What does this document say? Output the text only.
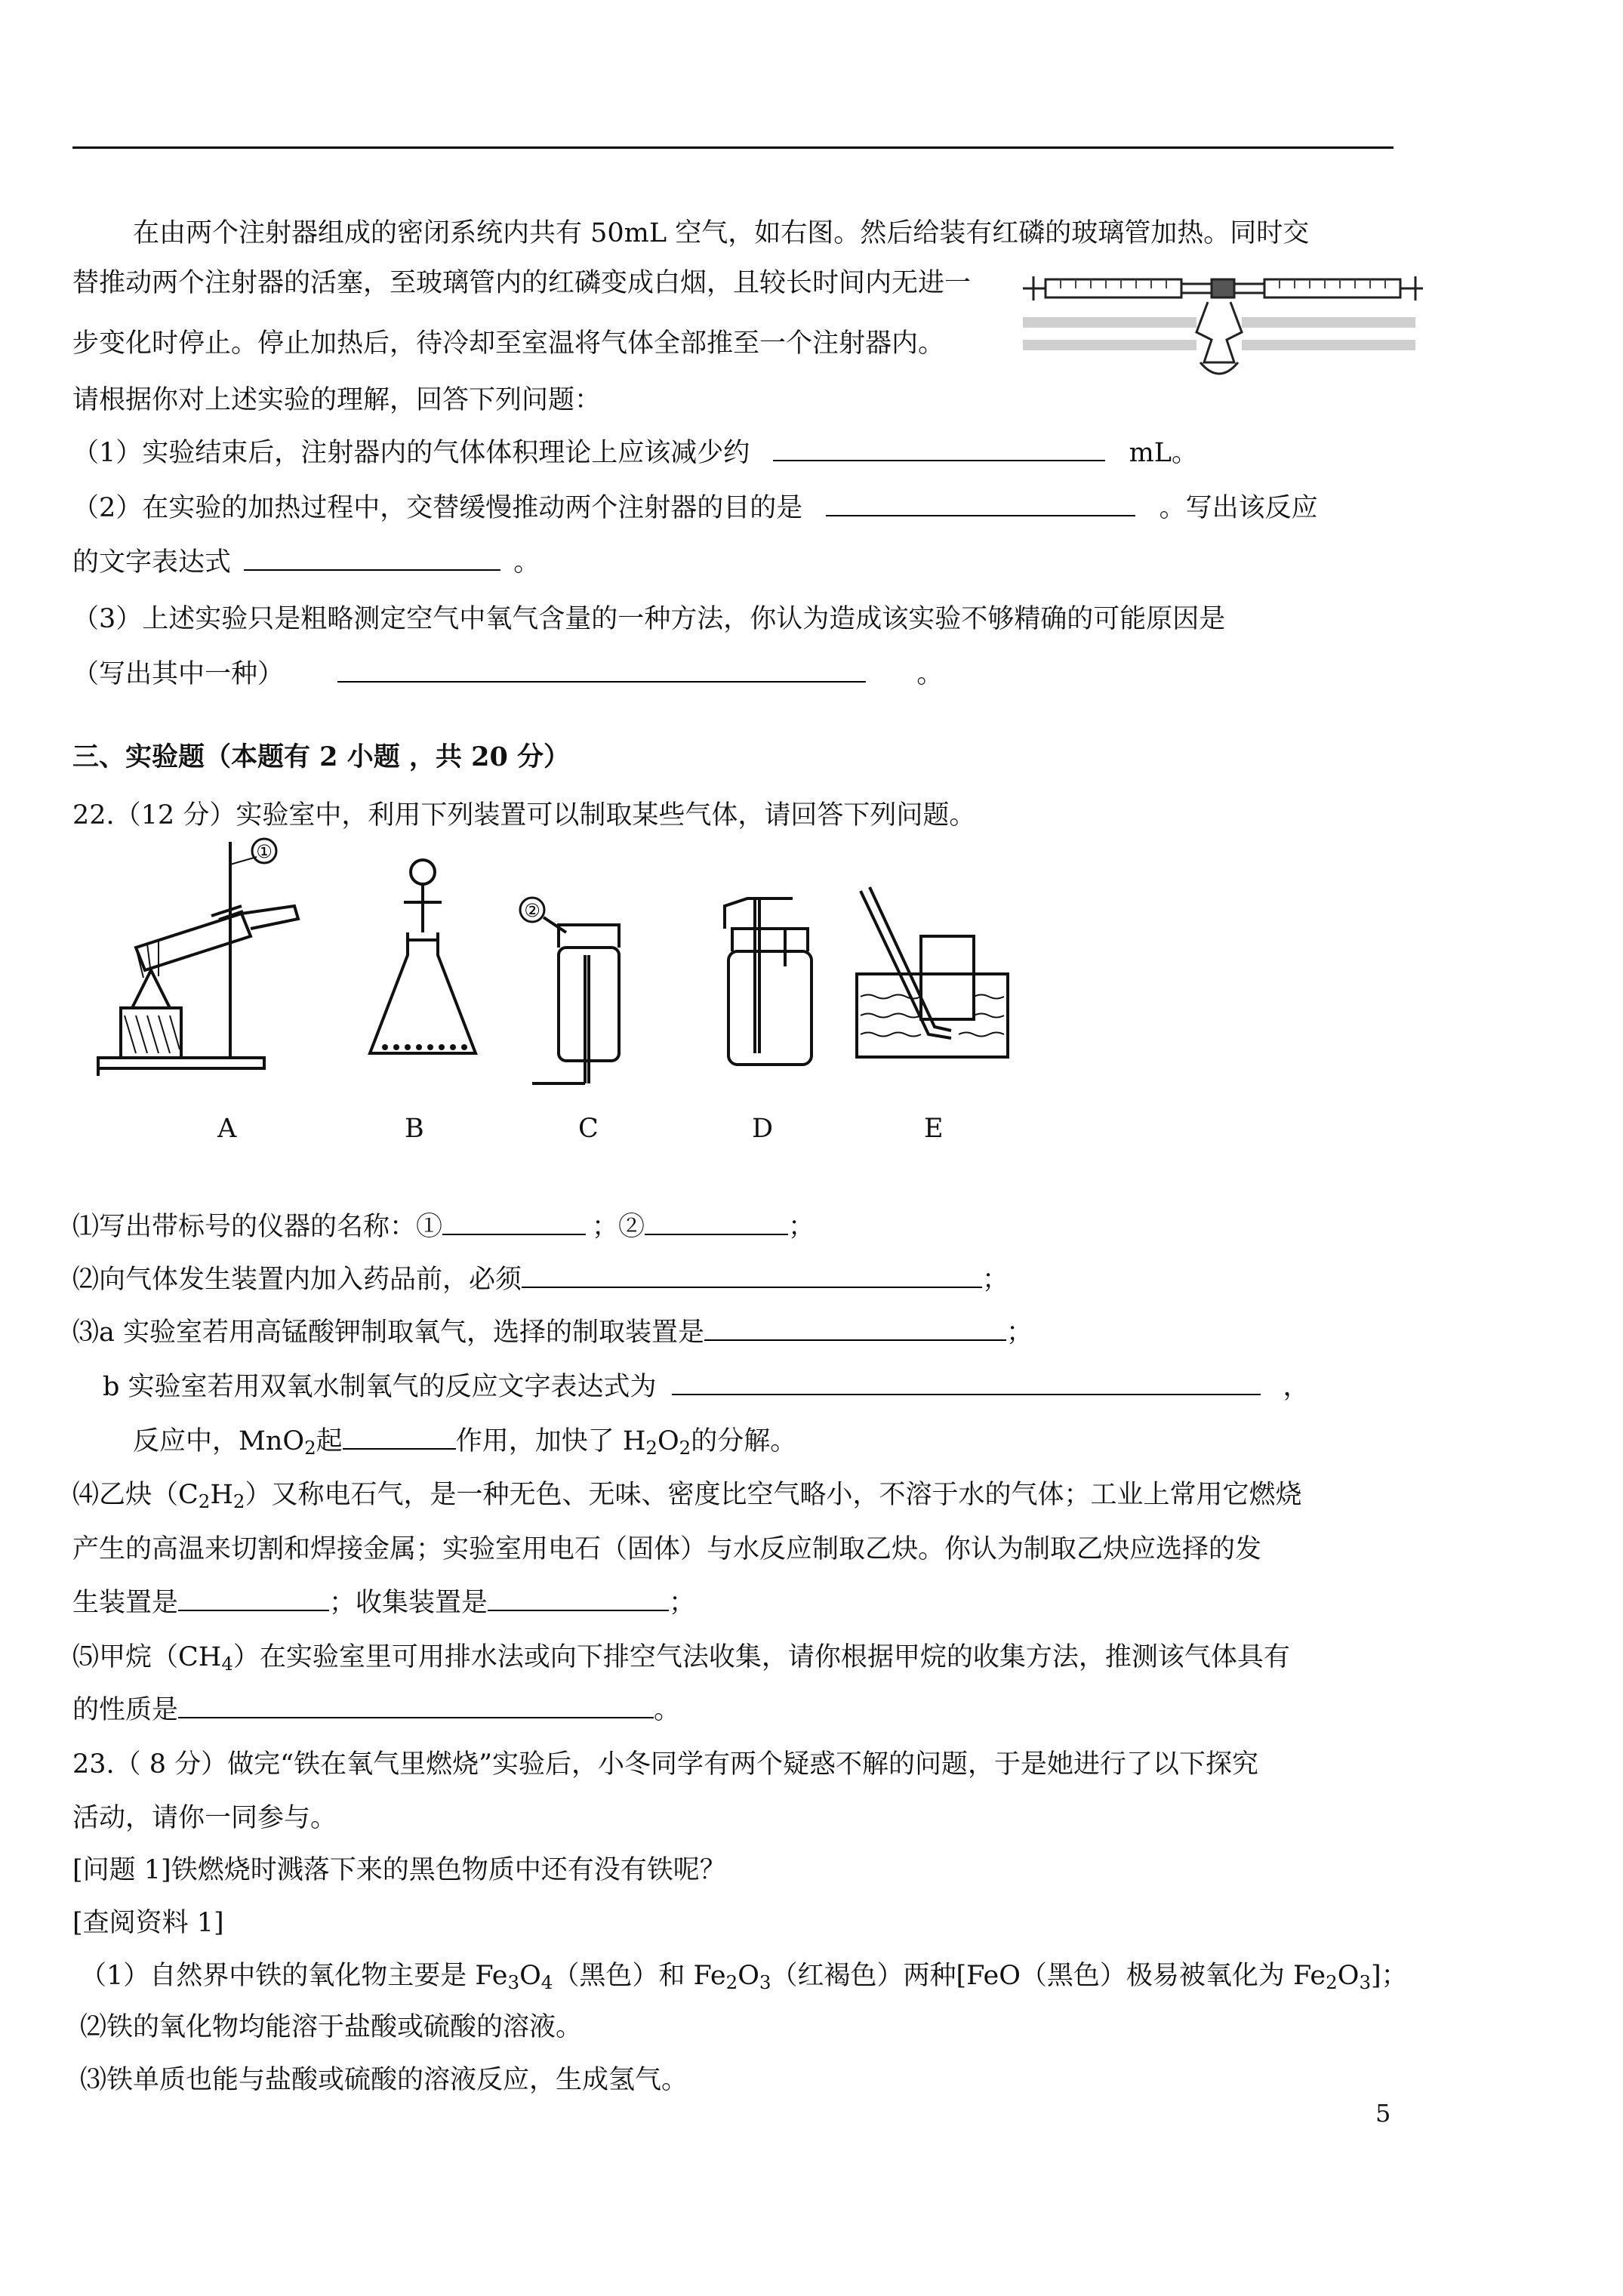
在由两个注射器组成的密闭系统内共有 50mL 空气，如右图。然后给装有红磷的玻璃管加热。同时交

替推动两个注射器的活塞，至玻璃管内的红磷变成白烟，且较长时间内无进一

步变化时停止。停止加热后，待冷却至室温将气体全部推至一个注射器内。

请根据你对上述实验的理解，回答下列问题：

（1）实验结束后，注射器内的气体体积理论上应该减少约	mL。

（2）在实验的加热过程中，交替缓慢推动两个注射器的目的是	。写出该反应

的文字表达式	。

（3）上述实验只是粗略测定空气中氧气含量的一种方法，你认为造成该实验不够精确的可能原因是

（写出其中一种）	。

三、实验题（本题有 2 小题 ，共 20 分）

22.（12 分）实验室中，利用下列装置可以制取某些气体，请回答下列问题。

①
②
A	B	C	D	E

⑴写出带标号的仪器的名称：①	；②	；

⑵向气体发生装置内加入药品前，必须	；

⑶a 实验室若用高锰酸钾制取氧气，选择的制取装置是	；

b 实验室若用双氧水制氧气的反应文字表达式为	，

反应中，MnO$_2$起	作用，加快了 $H_2O_2$的分解。

⑷乙炔$(C_2H_2)$又称电石气，是一种无色、无味、密度比空气略小，不溶于水的气体；工业上常用它燃烧

产生的高温来切割和焊接金属；实验室用电石（固体）与水反应制取乙炔。你认为制取乙炔应选择的发

生装置是	；收集装置是	；

⑸甲烷$(CH_4)$在实验室里可用排水法或向下排空气法收集，请你根据甲烷的收集方法，推测该气体具有

的性质是	。

23.（ 8 分）做完“铁在氧气里燃烧”实验后，小冬同学有两个疑惑不解的问题，于是她进行了以下探究

活动，请你一同参与。

[问题 1]铁燃烧时溅落下来的黑色物质中还有没有铁呢？

[查阅资料 1]

（1）自然界中铁的氧化物主要是 $Fe_3O_4$（黑色）和 $Fe_2O_3$（红褐色）两种[FeO（黑色）极易被氧化为 $Fe_2O_3$]；

⑵铁的氧化物均能溶于盐酸或硫酸的溶液。

⑶铁单质也能与盐酸或硫酸的溶液反应，生成氢气。

5
